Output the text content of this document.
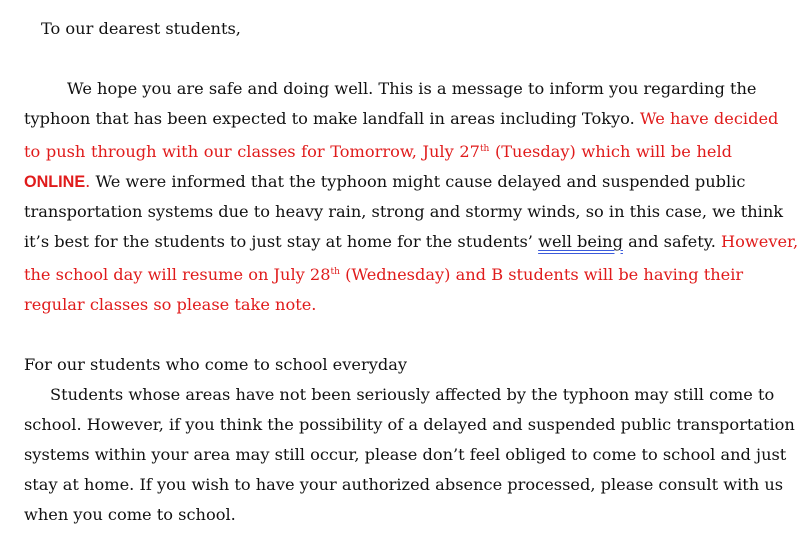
To our dearest students,
We hope you are safe and doing well. This is a message to inform you regarding the
typhoon that has been expected to make landfall in areas including Tokyo. We have decided
to push through with our classes for Tomorrow, July 27th (Tuesday) which will be held
ONLINE. We were informed that the typhoon might cause delayed and suspended public
transportation systems due to heavy rain, strong and stormy winds, so in this case, we think
it’s best for the students to just stay at home for the students’ well being and safety. However,
the school day will resume on July 28th (Wednesday) and B students will be having their
regular classes so please take note.
For our students who come to school everyday
Students whose areas have not been seriously affected by the typhoon may still come to
school. However, if you think the possibility of a delayed and suspended public transportation
systems within your area may still occur, please don’t feel obliged to come to school and just
stay at home. If you wish to have your authorized absence processed, please consult with us
when you come to school.
